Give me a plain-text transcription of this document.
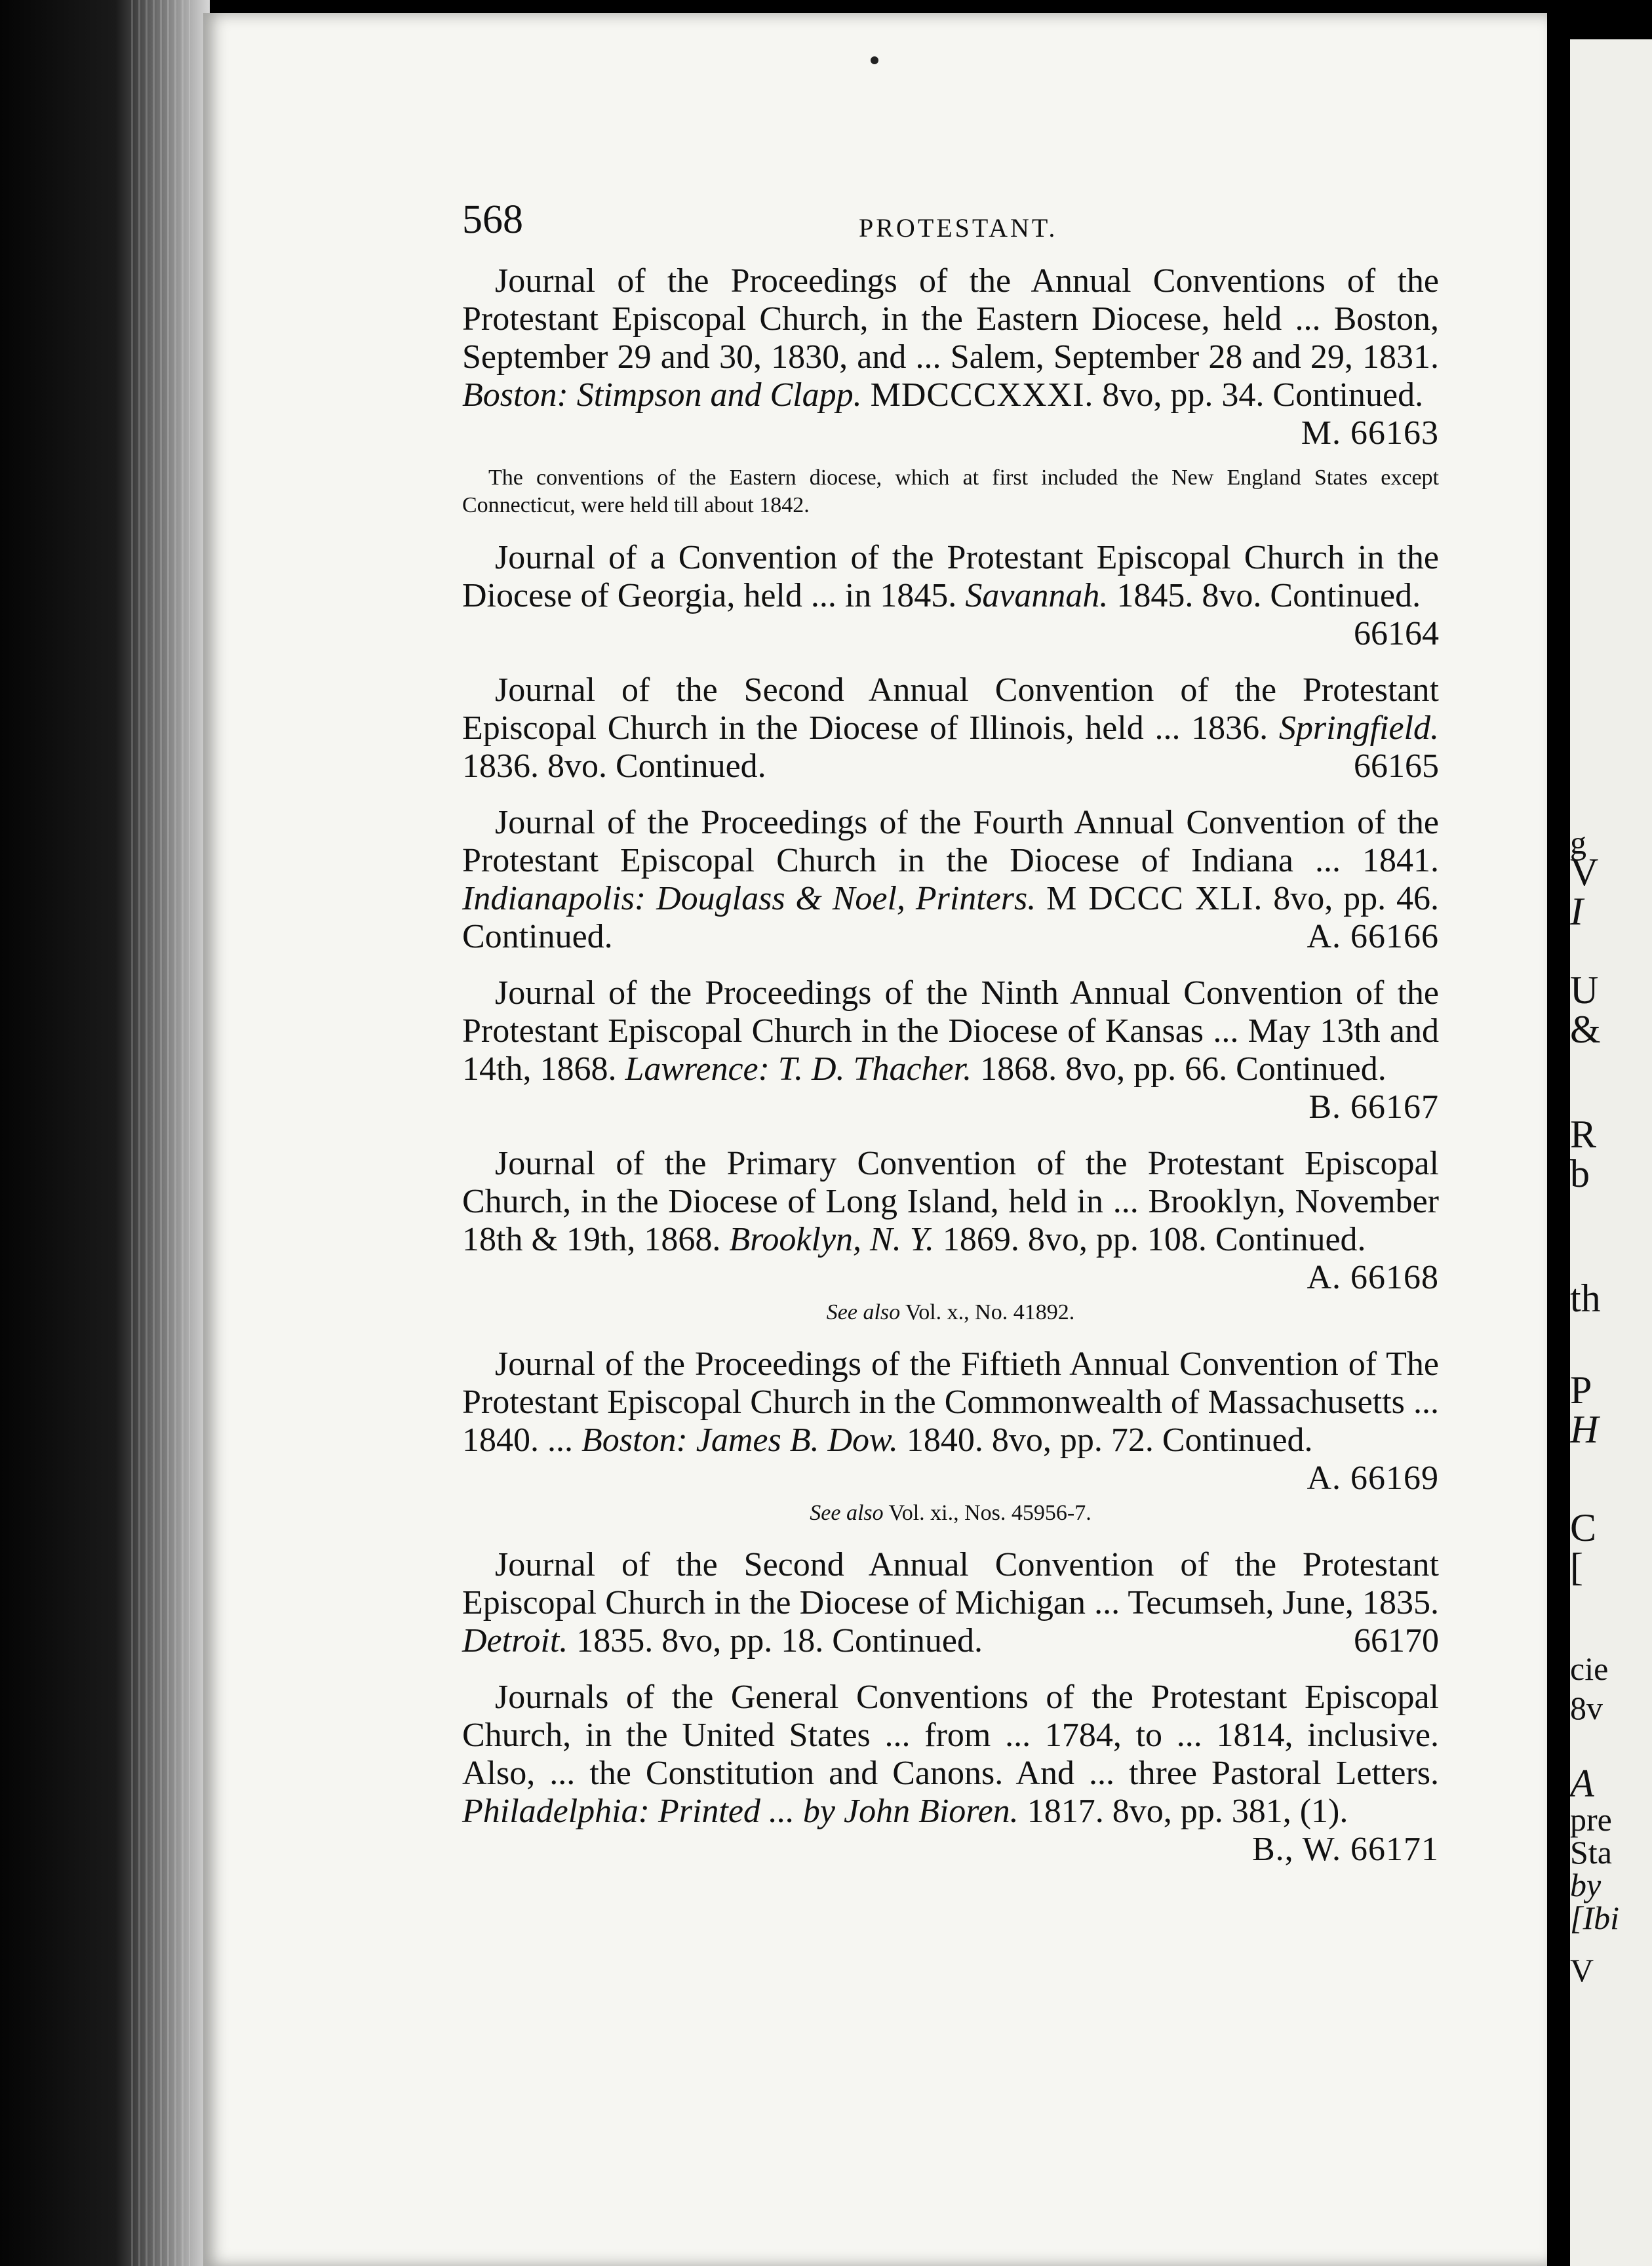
g
V
I
U
&
R
b
th
P
H
C
[
cie
8v
A
pre
Sta
by
[Ibi
V
568	PROTESTANT.

Journal of the Proceedings of the Annual Conventions of the Protestant Episcopal Church, in the Eastern Diocese, held ... Boston, September 29 and 30, 1830, and ... Salem, September 28 and 29, 1831. Boston: Stimpson and Clapp. MDCCCXXXI. 8vo, pp. 34. Continued.
M. 66163

The conventions of the Eastern diocese, which at first included the New England States except Connecticut, were held till about 1842.

Journal of a Convention of the Protestant Episcopal Church in the Diocese of Georgia, held ... in 1845. Savannah. 1845. 8vo. Continued.
66164

Journal of the Second Annual Convention of the Protestant Episcopal Church in the Diocese of Illinois, held ... 1836. Springfield. 1836. 8vo. Continued.	66165

Journal of the Proceedings of the Fourth Annual Convention of the Protestant Episcopal Church in the Diocese of Indiana ... 1841. Indianapolis: Douglass & Noel, Printers. M DCCC XLI. 8vo, pp. 46. Continued.	A. 66166

Journal of the Proceedings of the Ninth Annual Convention of the Protestant Episcopal Church in the Diocese of Kansas ... May 13th and 14th, 1868. Lawrence: T. D. Thacher. 1868. 8vo, pp. 66. Continued.
B. 66167

Journal of the Primary Convention of the Protestant Episcopal Church, in the Diocese of Long Island, held in ... Brooklyn, November 18th & 19th, 1868. Brooklyn, N. Y. 1869. 8vo, pp. 108. Continued.
A. 66168

See also Vol. x., No. 41892.

Journal of the Proceedings of the Fiftieth Annual Convention of The Protestant Episcopal Church in the Commonwealth of Massachusetts ... 1840. ... Boston: James B. Dow. 1840. 8vo, pp. 72. Continued.
A. 66169

See also Vol. xi., Nos. 45956-7.

Journal of the Second Annual Convention of the Protestant Episcopal Church in the Diocese of Michigan ... Tecumseh, June, 1835. Detroit. 1835. 8vo, pp. 18. Continued.	66170

Journals of the General Conventions of the Protestant Episcopal Church, in the United States ... from ... 1784, to ... 1814, inclusive. Also, ... the Constitution and Canons. And ... three Pastoral Letters. Philadelphia: Printed ... by John Bioren. 1817. 8vo, pp. 381, (1).
B., W. 66171
